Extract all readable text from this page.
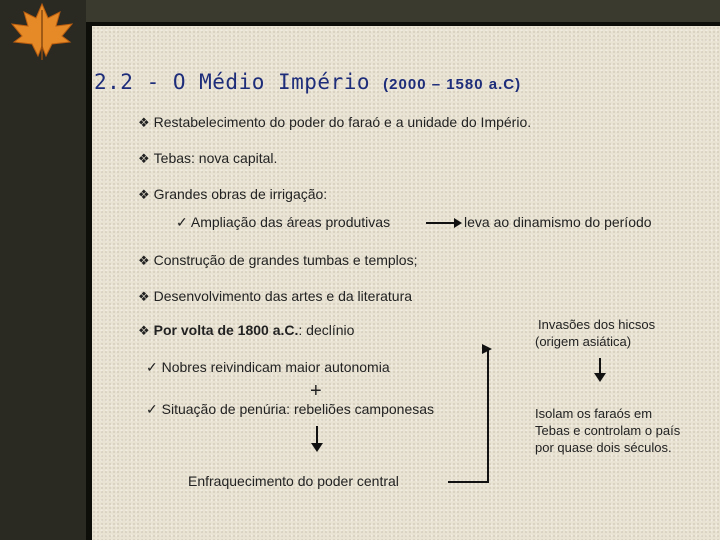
2.2 - O Médio Império (2000 – 1580 a.C)
❖ Restabelecimento do poder do faraó e a unidade do Império.
❖ Tebas: nova capital.
❖ Grandes obras de irrigação:
✓ Ampliação das áreas produtivas	leva ao dinamismo do período
❖ Construção de grandes tumbas e templos;
❖ Desenvolvimento das artes e da literatura
❖ Por volta de 1800 a.C.: declínio
✓ Nobres reivindicam maior autonomia
+
✓ Situação de penúria: rebeliões camponesas
Enfraquecimento do poder central
Invasões dos hicsos
(origem asiática)
Isolam os faraós em
Tebas e controlam o país
por quase dois séculos.
